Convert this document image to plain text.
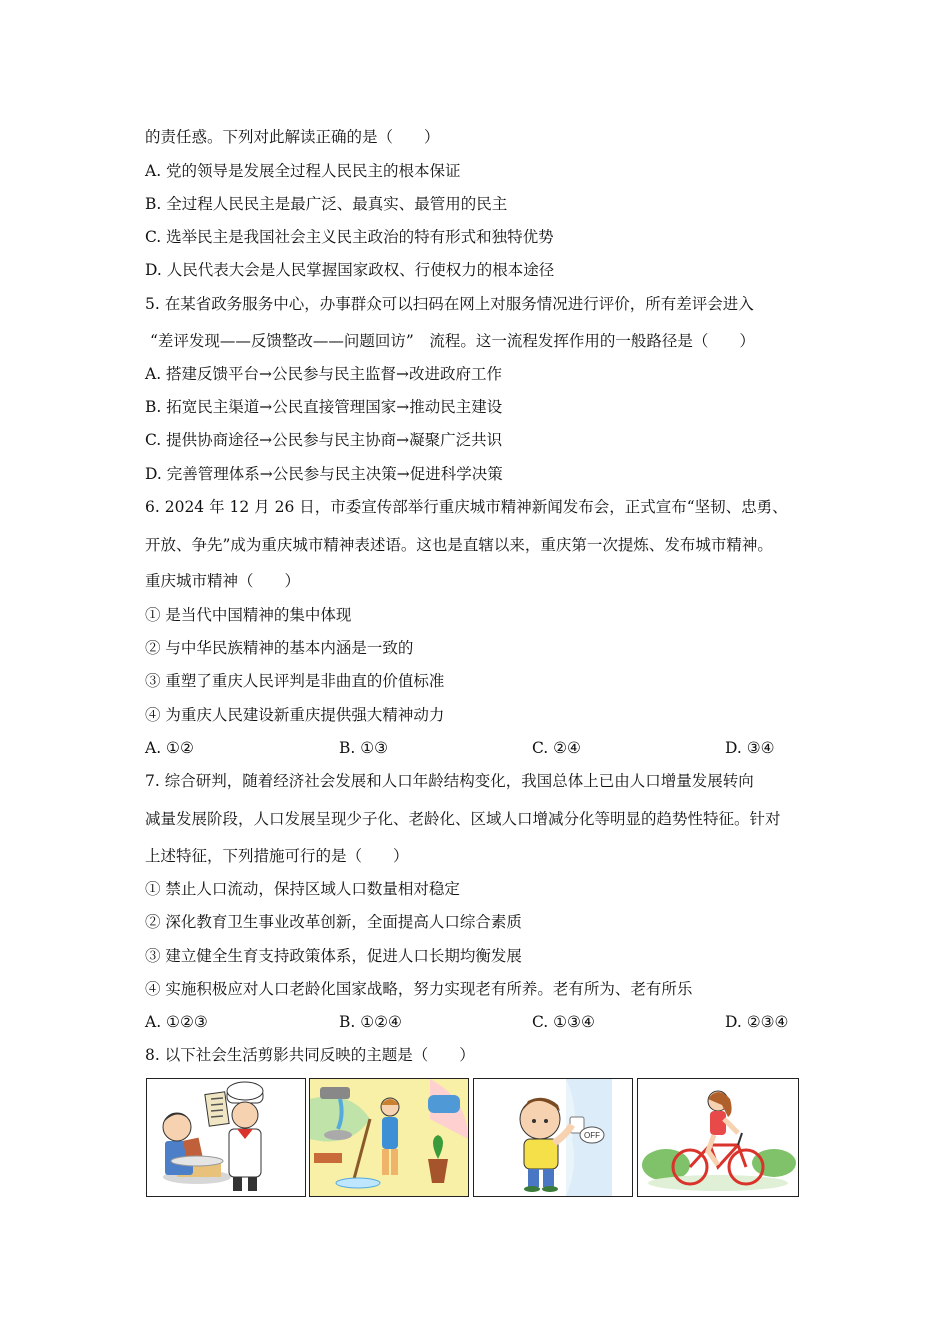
的责任惑。下列对此解读正确的是（　　）
A. 党的领导是发展全过程人民民主的根本保证
B. 全过程人民民主是最广泛、最真实、最管用的民主
C. 选举民主是我国社会主义民主政治的特有形式和独特优势
D. 人民代表大会是人民掌握国家政权、行使权力的根本途径
5. 在某省政务服务中心，办事群众可以扫码在网上对服务情况进行评价，所有差评会进入
“差评发现——反馈整改——问题回访”　流程。这一流程发挥作用的一般路径是（　　）
A. 搭建反馈平台→公民参与民主监督→改进政府工作
B. 拓宽民主渠道→公民直接管理国家→推动民主建设
C. 提供协商途径→公民参与民主协商→凝聚广泛共识
D. 完善管理体系→公民参与民主决策→促进科学决策
6. 2024 年 12 月 26 日，市委宣传部举行重庆城市精神新闻发布会，正式宣布“坚韧、忠勇、
开放、争先”成为重庆城市精神表述语。这也是直辖以来，重庆第一次提炼、发布城市精神。
重庆城市精神（　　）
① 是当代中国精神的集中体现
② 与中华民族精神的基本内涵是一致的
③ 重塑了重庆人民评判是非曲直的价值标准
④ 为重庆人民建设新重庆提供强大精神动力
A. ①②	B. ①③	C. ②④	D. ③④
7. 综合研判，随着经济社会发展和人口年龄结构变化，我国总体上已由人口增量发展转向
减量发展阶段，人口发展呈现少子化、老龄化、区域人口增减分化等明显的趋势性特征。针对
上述特征，下列措施可行的是（　　）
① 禁止人口流动，保持区域人口数量相对稳定
② 深化教育卫生事业改革创新，全面提高人口综合素质
③ 建立健全生育支持政策体系，促进人口长期均衡发展
④ 实施积极应对人口老龄化国家战略，努力实现老有所养。老有所为、老有所乐
A. ①②③	B. ①②④	C. ①③④	D. ②③④
8. 以下社会生活剪影共同反映的主题是（　　）
OFF
